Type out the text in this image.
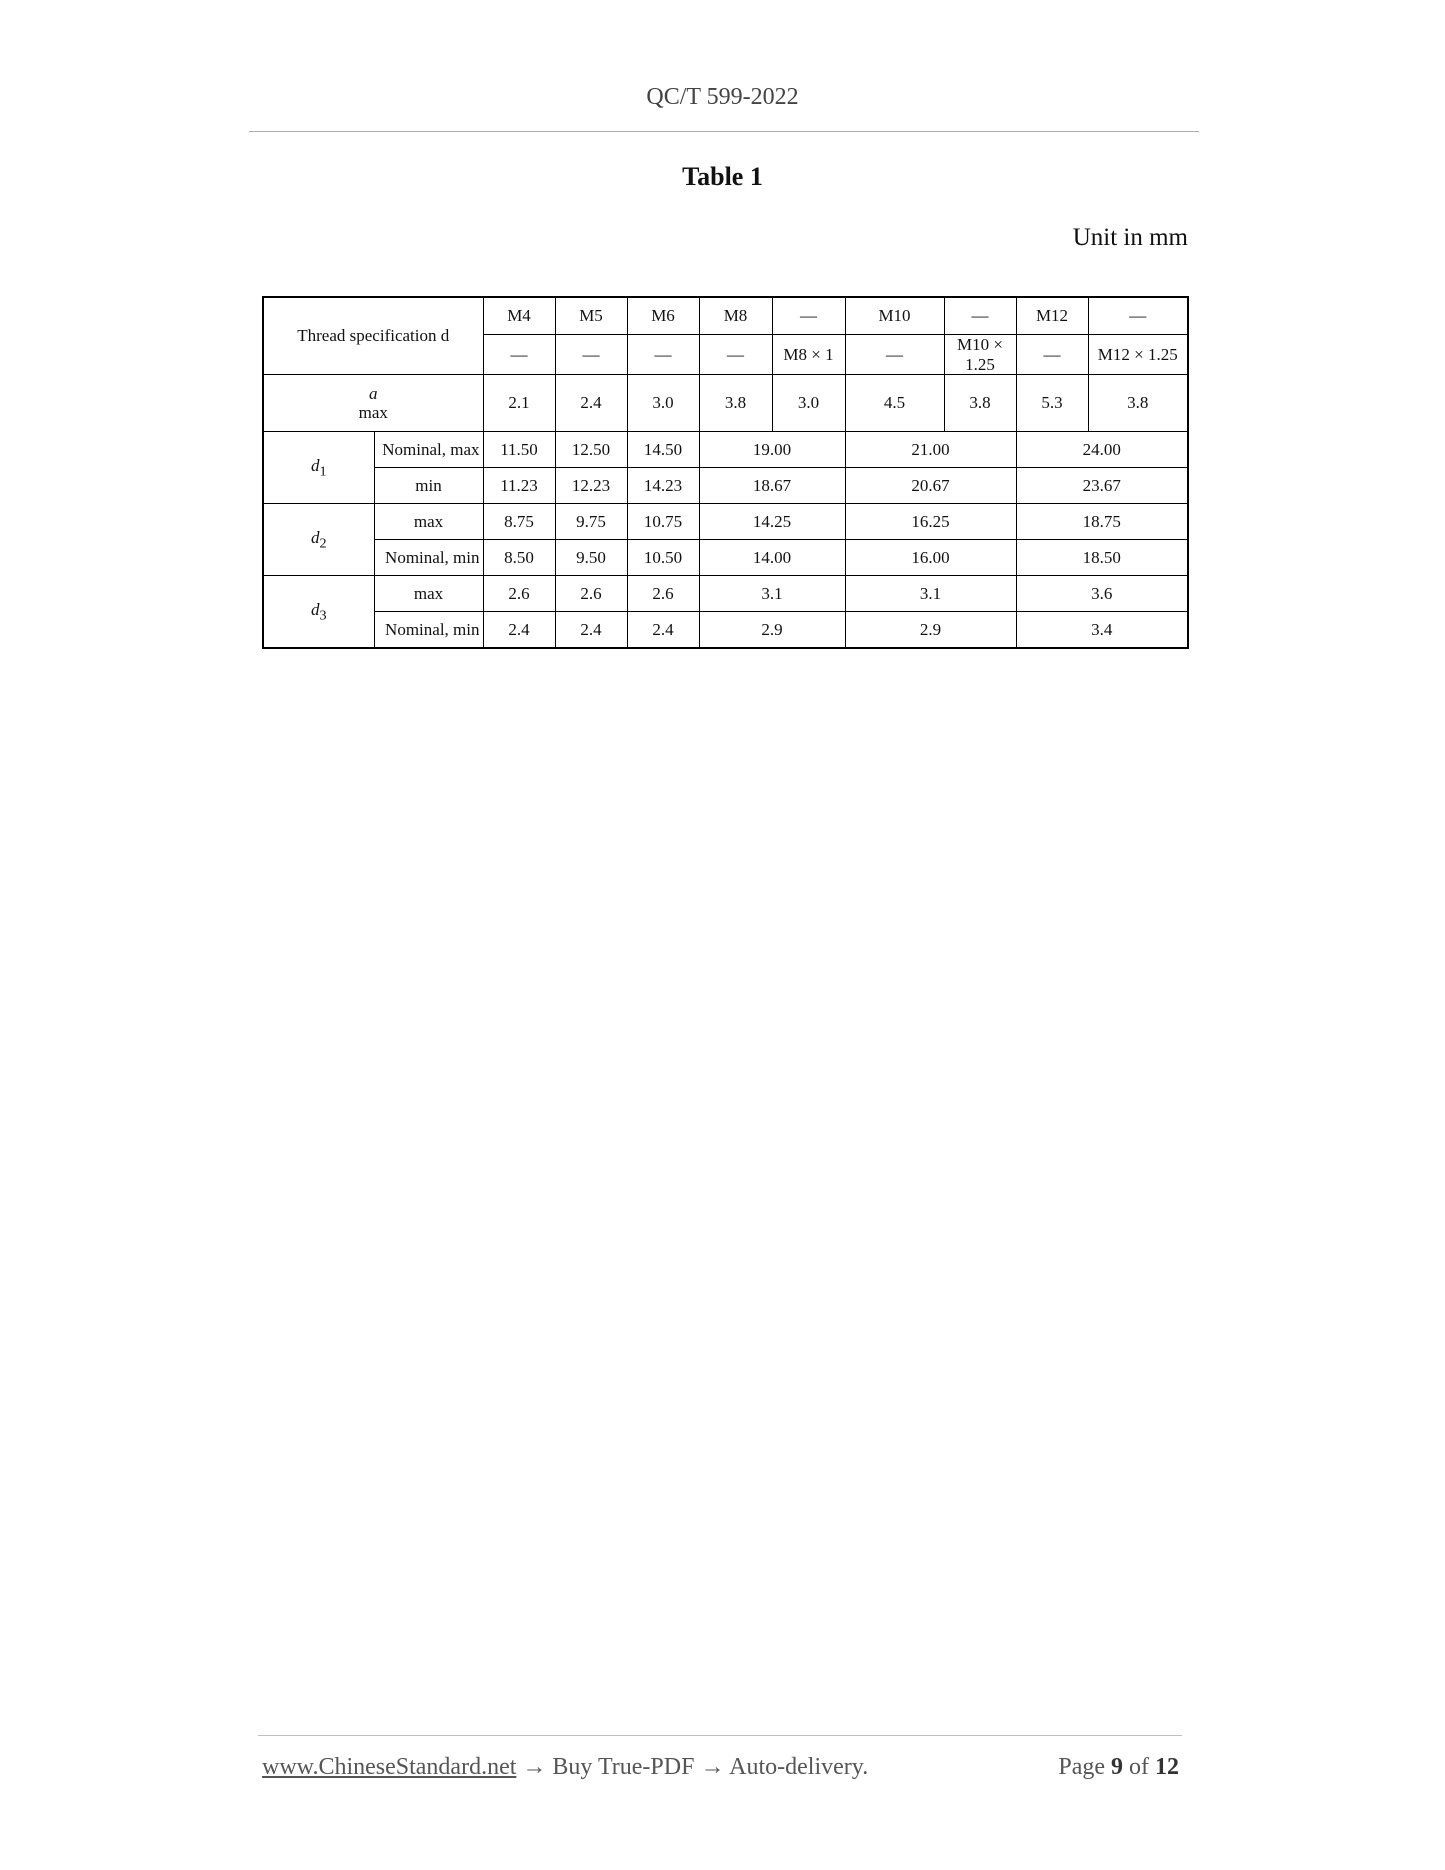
QC/T 599-2022
Table 1
Unit in mm
Thread specification d		M4	M5	M6	M8	—	M10	—	M12	—
		—	—	—	—	M8 × 1	—	M10 × 1.25	—	M12 × 1.25
a
max		2.1	2.4	3.0	3.8	3.0	4.5	3.8	5.3	3.8
$d_1$	Nominal, max	11.50	12.50	14.50	19.00		21.00		24.00	
	min	11.23	12.23	14.23	18.67		20.67		23.67	
$d_2$	max	8.75	9.75	10.75	14.25		16.25		18.75	
	Nominal, min	8.50	9.50	10.50	14.00		16.00		18.50	
$d_3$	max	2.6	2.6	2.6	3.1		3.1		3.6	
	Nominal, min	2.4	2.4	2.4	2.9		2.9		3.4	
www.ChineseStandard.net → Buy True-PDF → Auto-delivery.	Page 9 of 12
